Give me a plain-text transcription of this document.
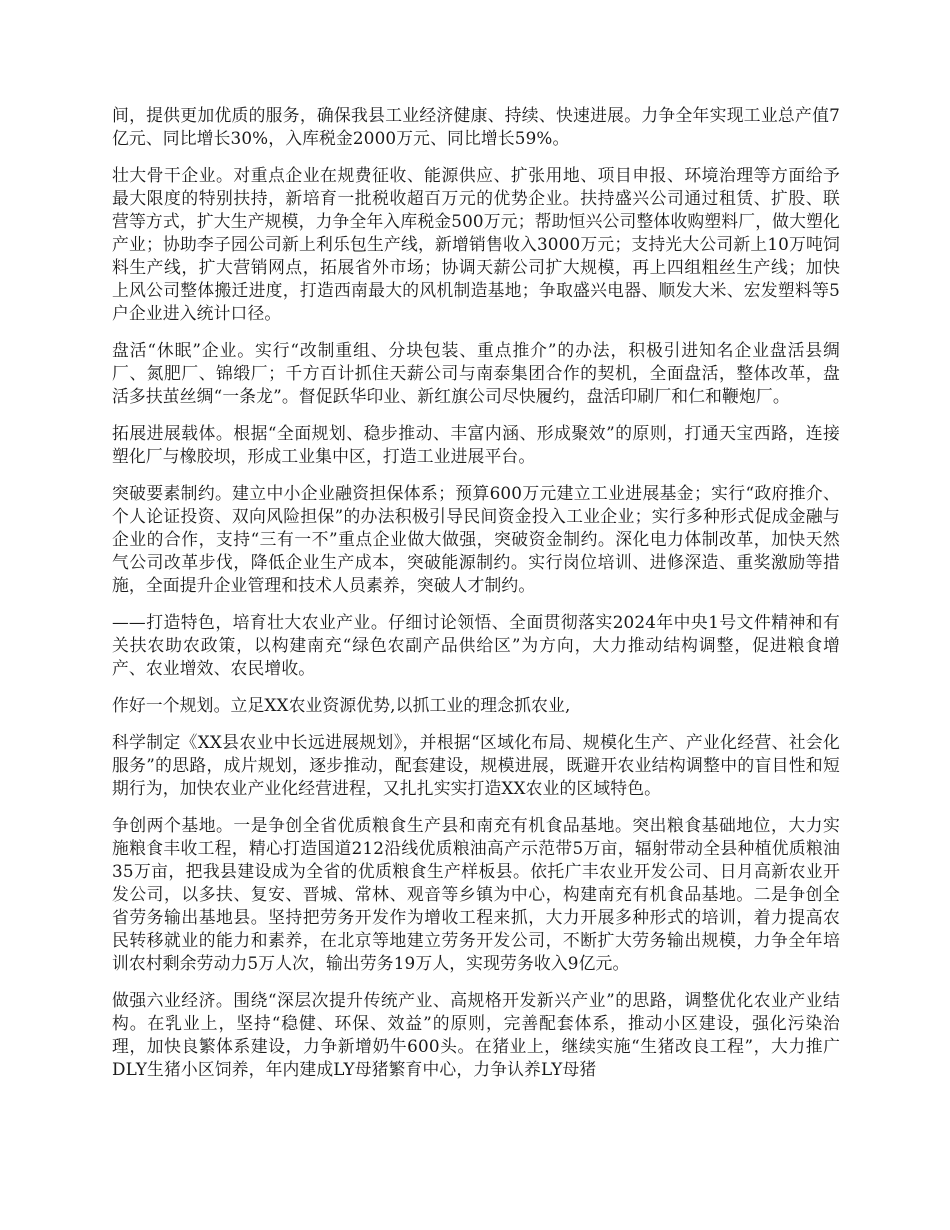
间，提供更加优质的服务，确保我县工业经济健康、持续、快速进展。力争全年实现工业总产值7亿元、同比增长30%，入库税金2000万元、同比增长59%。

壮大骨干企业。对重点企业在规费征收、能源供应、扩张用地、项目申报、环境治理等方面给予最大限度的特别扶持，新培育一批税收超百万元的优势企业。扶持盛兴公司通过租赁、扩股、联营等方式，扩大生产规模，力争全年入库税金500万元；帮助恒兴公司整体收购塑料厂，做大塑化产业；协助李子园公司新上利乐包生产线，新增销售收入3000万元；支持光大公司新上10万吨饲料生产线，扩大营销网点，拓展省外市场；协调天薪公司扩大规模，再上四组粗丝生产线；加快上风公司整体搬迁进度，打造西南最大的风机制造基地；争取盛兴电器、顺发大米、宏发塑料等5户企业进入统计口径。

盘活“休眠”企业。实行“改制重组、分块包装、重点推介”的办法，积极引进知名企业盘活县绸厂、氮肥厂、锦缎厂；千方百计抓住天薪公司与南泰集团合作的契机，全面盘活，整体改革，盘活多扶茧丝绸“一条龙”。督促跃华印业、新红旗公司尽快履约，盘活印刷厂和仁和鞭炮厂。

拓展进展载体。根据“全面规划、稳步推动、丰富内涵、形成聚效”的原则，打通天宝西路，连接塑化厂与橡胶坝，形成工业集中区，打造工业进展平台。

突破要素制约。建立中小企业融资担保体系；预算600万元建立工业进展基金；实行“政府推介、个人论证投资、双向风险担保”的办法积极引导民间资金投入工业企业；实行多种形式促成金融与企业的合作，支持“三有一不”重点企业做大做强，突破资金制约。深化电力体制改革，加快天然气公司改革步伐，降低企业生产成本，突破能源制约。实行岗位培训、进修深造、重奖激励等措施，全面提升企业管理和技术人员素养，突破人才制约。

——打造特色，培育壮大农业产业。仔细讨论领悟、全面贯彻落实2024年中央1号文件精神和有关扶农助农政策，以构建南充“绿色农副产品供给区”为方向，大力推动结构调整，促进粮食增产、农业增效、农民增收。

作好一个规划。立足XX农业资源优势,以抓工业的理念抓农业,

科学制定《XX县农业中长远进展规划》，并根据“区域化布局、规模化生产、产业化经营、社会化服务”的思路，成片规划，逐步推动，配套建设，规模进展，既避开农业结构调整中的盲目性和短期行为，加快农业产业化经营进程，又扎扎实实打造XX农业的区域特色。

争创两个基地。一是争创全省优质粮食生产县和南充有机食品基地。突出粮食基础地位，大力实施粮食丰收工程，精心打造国道212沿线优质粮油高产示范带5万亩，辐射带动全县种植优质粮油35万亩，把我县建设成为全省的优质粮食生产样板县。依托广丰农业开发公司、日月高新农业开发公司，以多扶、复安、晋城、常林、观音等乡镇为中心，构建南充有机食品基地。二是争创全省劳务输出基地县。坚持把劳务开发作为增收工程来抓，大力开展多种形式的培训，着力提高农民转移就业的能力和素养，在北京等地建立劳务开发公司，不断扩大劳务输出规模，力争全年培训农村剩余劳动力5万人次，输出劳务19万人，实现劳务收入9亿元。

做强六业经济。围绕“深层次提升传统产业、高规格开发新兴产业”的思路，调整优化农业产业结构。在乳业上，坚持“稳健、环保、效益”的原则，完善配套体系，推动小区建设，强化污染治理，加快良繁体系建设，力争新增奶牛600头。在猪业上，继续实施“生猪改良工程”，大力推广DLY生猪小区饲养，年内建成LY母猪繁育中心，力争认养LY母猪
